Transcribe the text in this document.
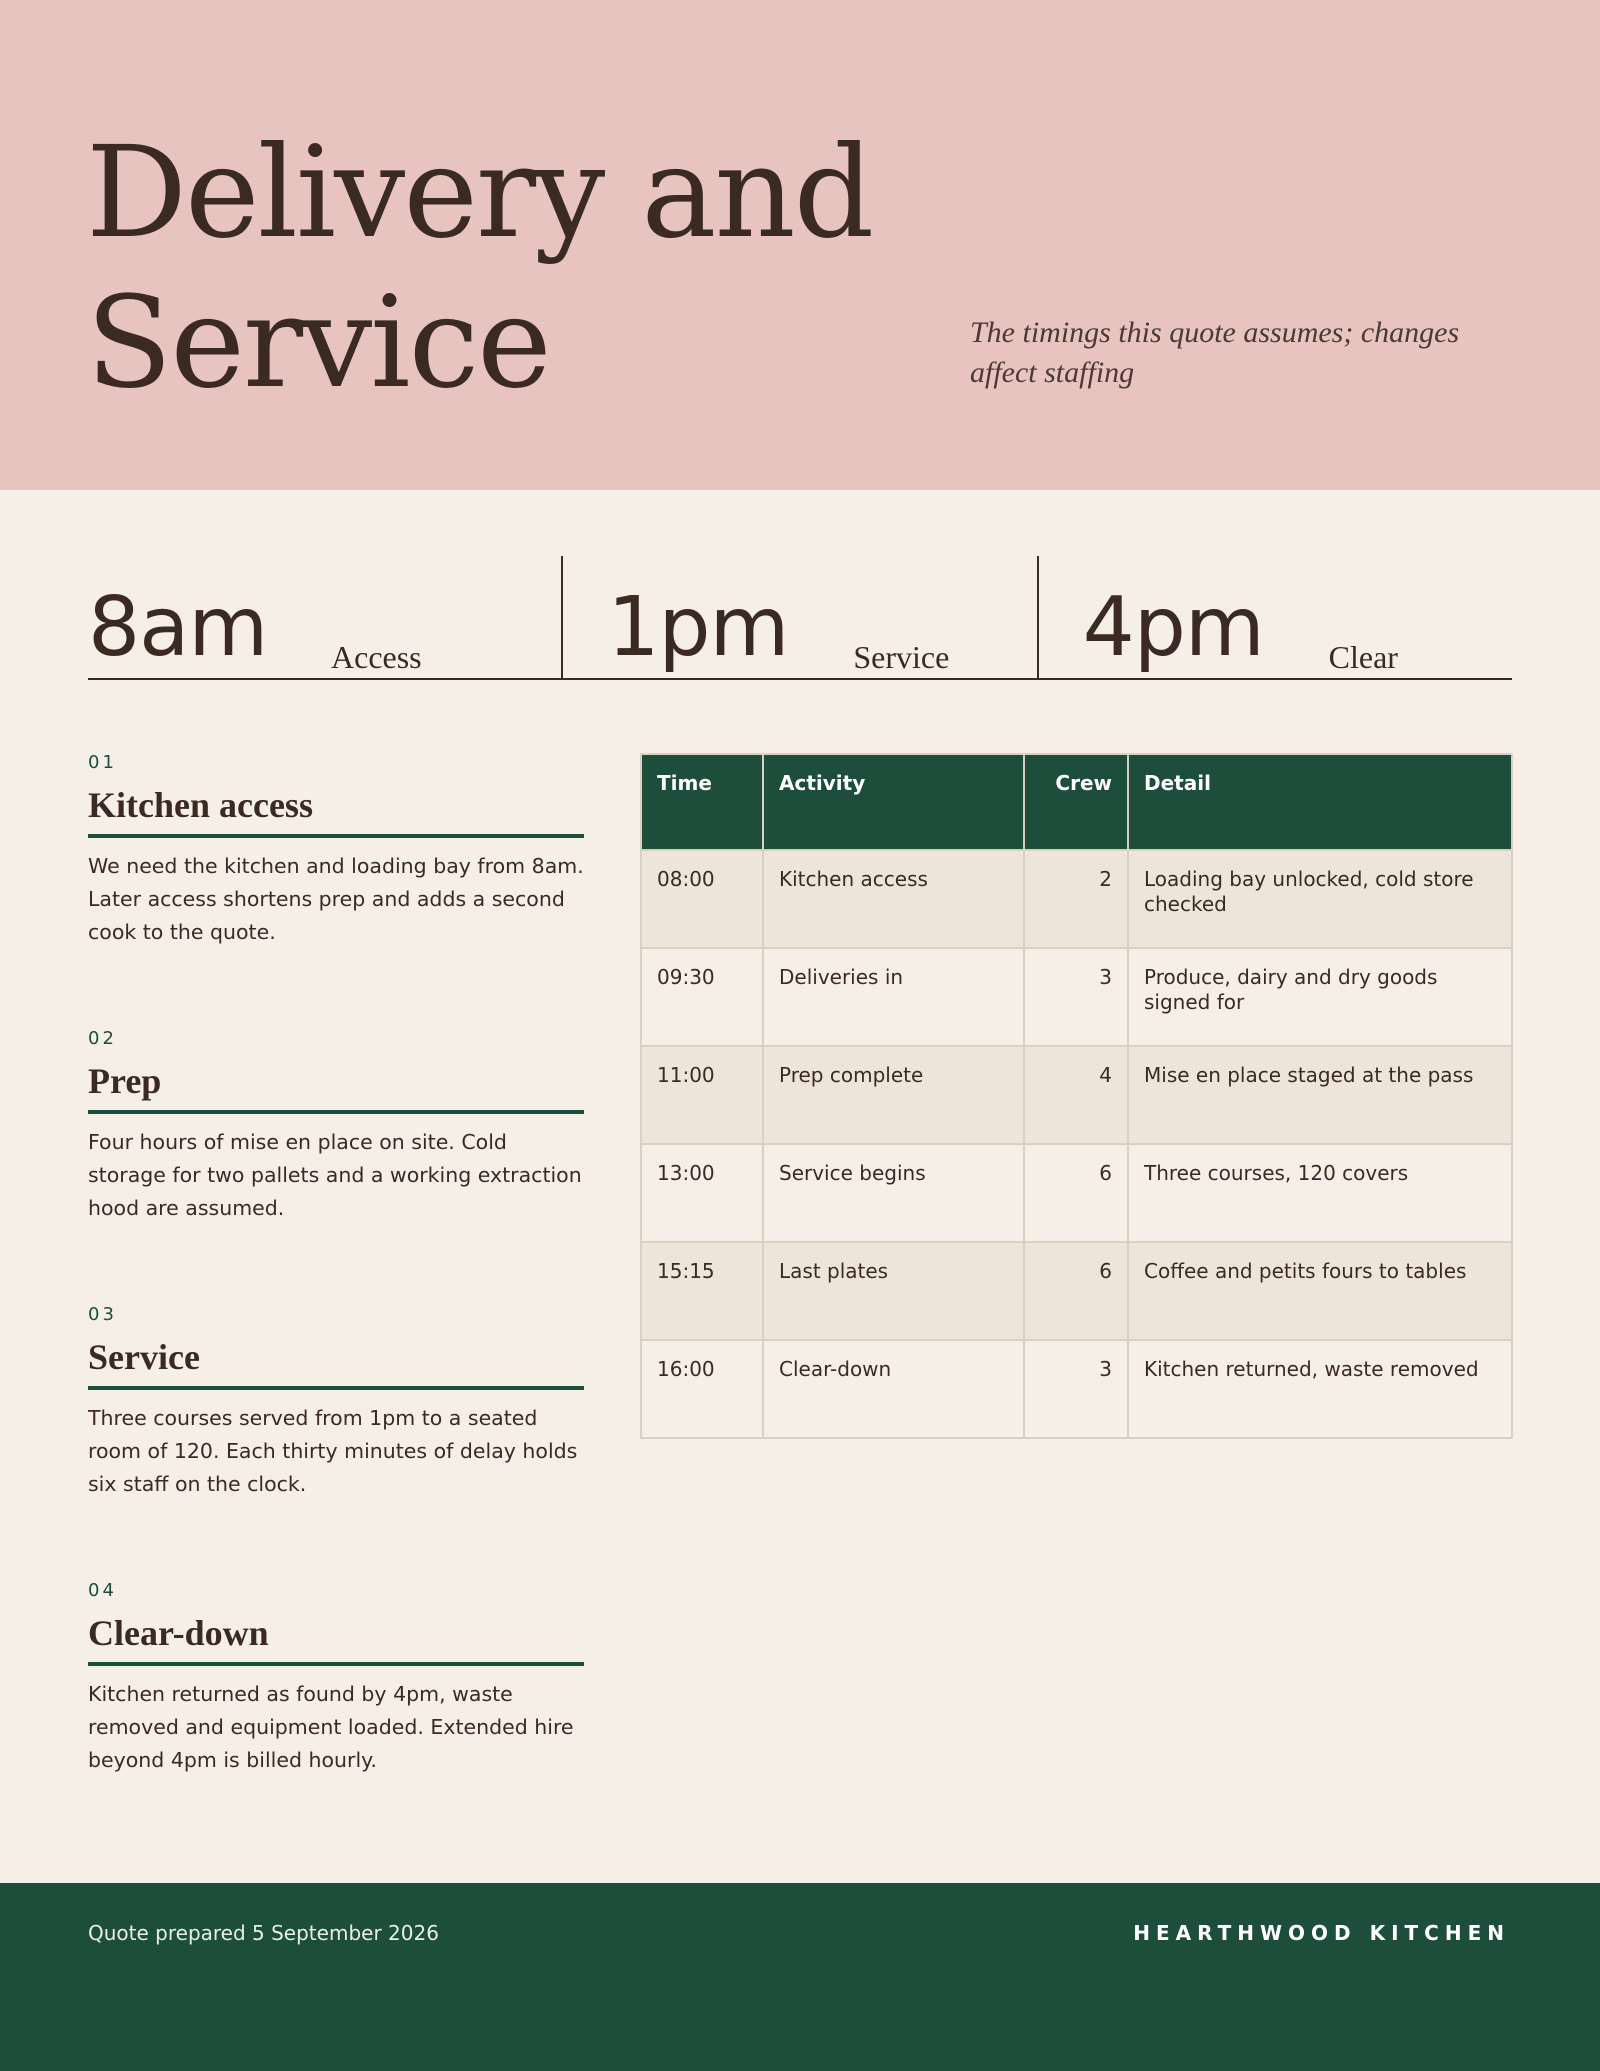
Delivery and Service	The timings this quote assumes; changes affect staffing

8am Access 1pm Service 4pm Clear
01
Kitchen access

We need the kitchen and loading bay from 8am. Later access shortens prep and adds a second cook to the quote.

02
Prep

Four hours of mise en place on site. Cold storage for two pallets and a working extraction hood are assumed.

03
Service

Three courses served from 1pm to a seated room of 120. Each thirty minutes of delay holds six staff on the clock.

04
Clear-down

Kitchen returned as found by 4pm, waste removed and equipment loaded. Extended hire beyond 4pm is billed hourly.

Time	Activity	Crew	Detail
08:00	Kitchen access	2	Loading bay unlocked, cold store checked
09:30	Deliveries in	3	Produce, dairy and dry goods signed for
11:00	Prep complete	4	Mise en place staged at the pass
13:00	Service begins	6	Three courses, 120 covers
15:15	Last plates	6	Coffee and petits fours to tables
16:00	Clear-down	3	Kitchen returned, waste removed
Quote prepared 5 September 2026	HEARTHWOOD KITCHEN
